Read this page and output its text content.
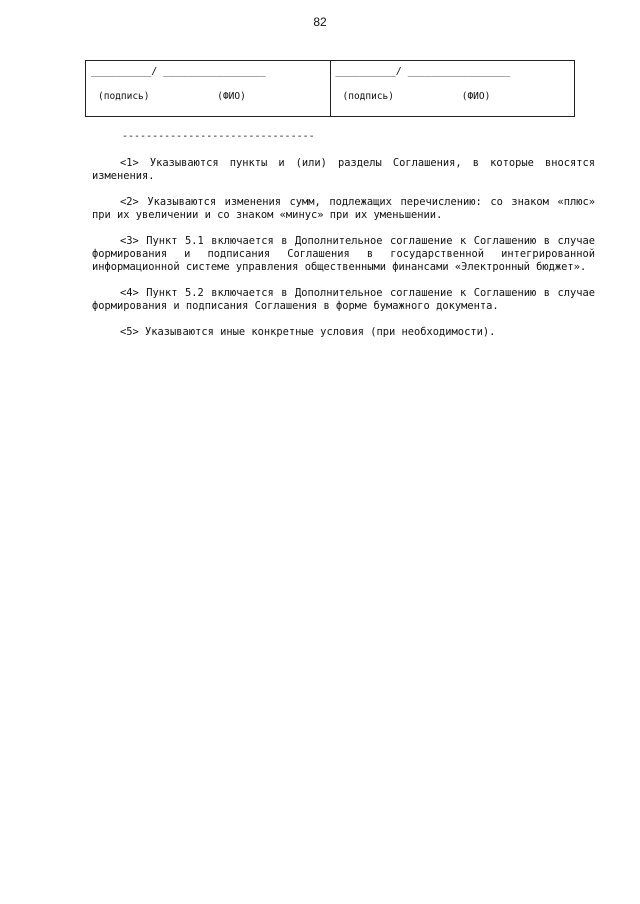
82
__________/ _________________
(подпись)	(ФИО)
__________/ _________________
(подпись)	(ФИО)
--------------------------------

<1> Указываются пункты и (или) разделы Соглашения, в которые вносятся изменения.

<2> Указываются изменения сумм, подлежащих перечислению: со знаком «плюс» при их увеличении и со знаком «минус» при их уменьшении.

<3> Пункт 5.1 включается в Дополнительное соглашение к Соглашению в случае формирования и подписания Соглашения в государственной интегрированной информационной системе управления общественными финансами «Электронный бюджет».

<4> Пункт 5.2 включается в Дополнительное соглашение к Соглашению в случае формирования и подписания Соглашения в форме бумажного документа.

<5> Указываются иные конкретные условия (при необходимости).
